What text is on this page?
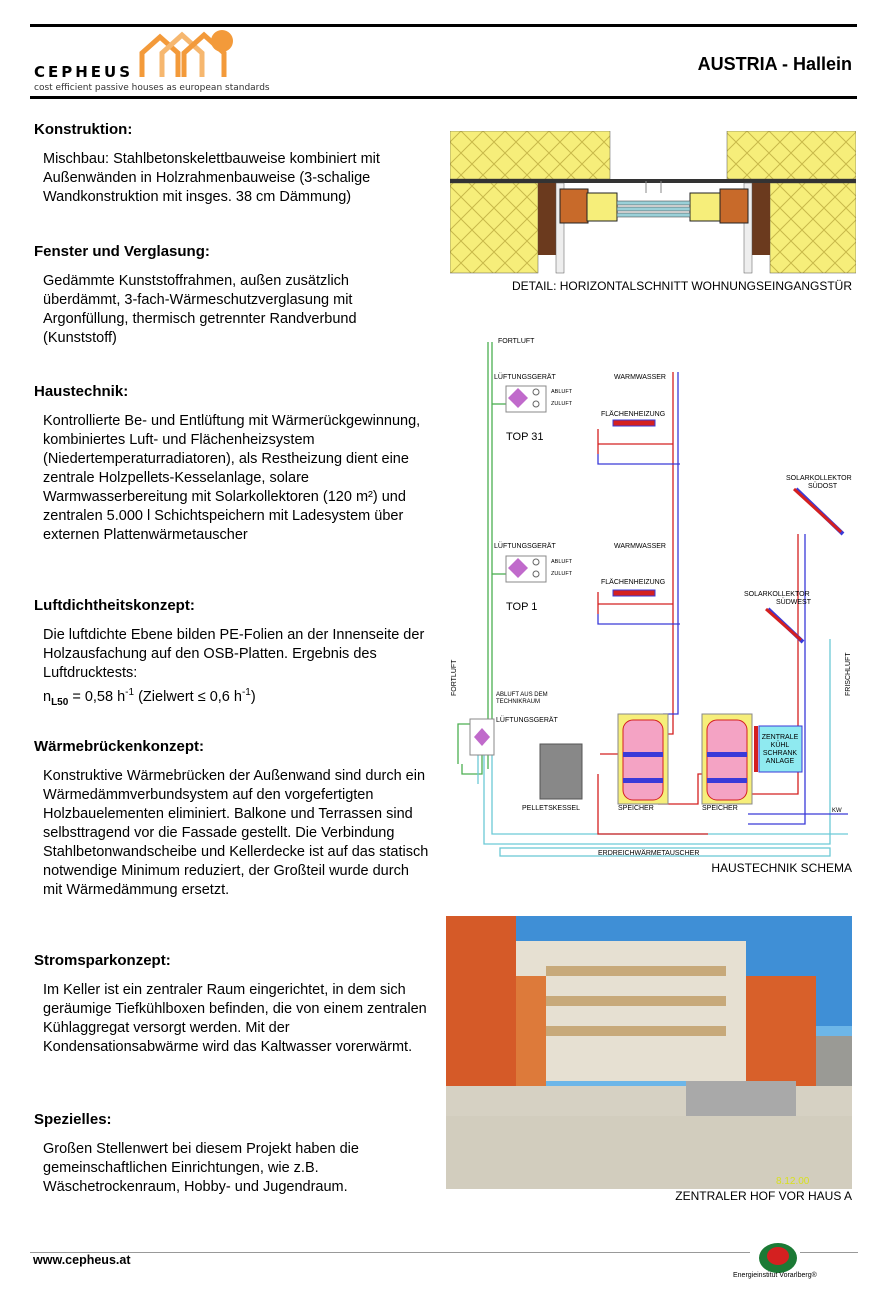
CEPHEUS
cost efficient passive houses as european standards
AUSTRIA - Hallein
Konstruktion:

Mischbau: Stahlbetonskelettbauweise kombiniert mit Außenwänden in Holzrahmenbauweise (3-schalige Wandkonstruktion mit insges. 38 cm Dämmung)

Fenster und Verglasung:

Gedämmte Kunststoffrahmen, außen zusätzlich überdämmt, 3-fach-Wärmeschutzverglasung mit Argonfüllung, thermisch getrennter Randverbund (Kunststoff)

Haustechnik:

Kontrollierte Be- und Entlüftung mit Wärmerückgewinnung, kombiniertes Luft- und Flächenheizsystem (Niedertemperaturradiatoren), als Restheizung dient eine zentrale Holzpellets-Kesselanlage, solare Warmwasserbereitung mit Solarkollektoren (120 m²) und zentralen 5.000 l Schichtspeichern mit Ladesystem über externen Plattenwärmetauscher

Luftdichtheitskonzept:

Die luftdichte Ebene bilden PE-Folien an der Innenseite der Holzausfachung auf den OSB-Platten. Ergebnis des Luftdrucktests:
$n_{L50} = 0,58$ $h^{-1}$ (Zielwert ≤ 0,6 $h^{-1}$)

Wärmebrückenkonzept:

Konstruktive Wärmebrücken der Außenwand sind durch ein Wärmedämmverbundsystem auf den vorgefertigten Holzbauelementen eliminiert. Balkone und Terrassen sind selbsttragend vor die Fassade gestellt. Die Verbindung Stahlbetonwandscheibe und Kellerdecke ist auf das statisch notwendige Minimum reduziert, der Großteil wurde durch mit Wärmedämmung ersetzt.

Stromsparkonzept:

Im Keller ist ein zentraler Raum eingerichtet, in dem sich geräumige Tiefkühlboxen befinden, die von einem zentralen Kühlaggregat versorgt werden. Mit der Kondensationsabwärme wird das Kaltwasser vorerwärmt.

Spezielles:

Großen Stellenwert bei diesem Projekt haben die gemeinschaftlichen Einrichtungen, wie z.B. Wäschetrockenraum, Hobby- und Jugendraum.

DETAIL: HORIZONTALSCHNITT WOHNUNGSEINGANGSTÜR
FORTLUFT
LÜFTUNGSGERÄT
ABLUFT
ZULUFT
WARMWASSER
FLÄCHENHEIZUNG
TOP 31
SOLARKOLLEKTOR
SÜDOST
LÜFTUNGSGERÄT
ABLUFT
ZULUFT
WARMWASSER
FLÄCHENHEIZUNG
TOP 1
SOLARKOLLEKTOR
SÜDWEST
FORTLUFT	FRISCHLUFT
ABLUFT AUS DEM
TECHNIKRAUM
LÜFTUNGSGERÄT
PELLETSKESSEL	SPEICHER	SPEICHER
ZENTRALE
KÜHL
SCHRANK
ANLAGE
KW
ERDREICHWÄRMETAUSCHER
HAUSTECHNIK SCHEMA
8.12.00
ZENTRALER HOF VOR HAUS A
www.cepheus.at
Energieinstitut Vorarlberg®
